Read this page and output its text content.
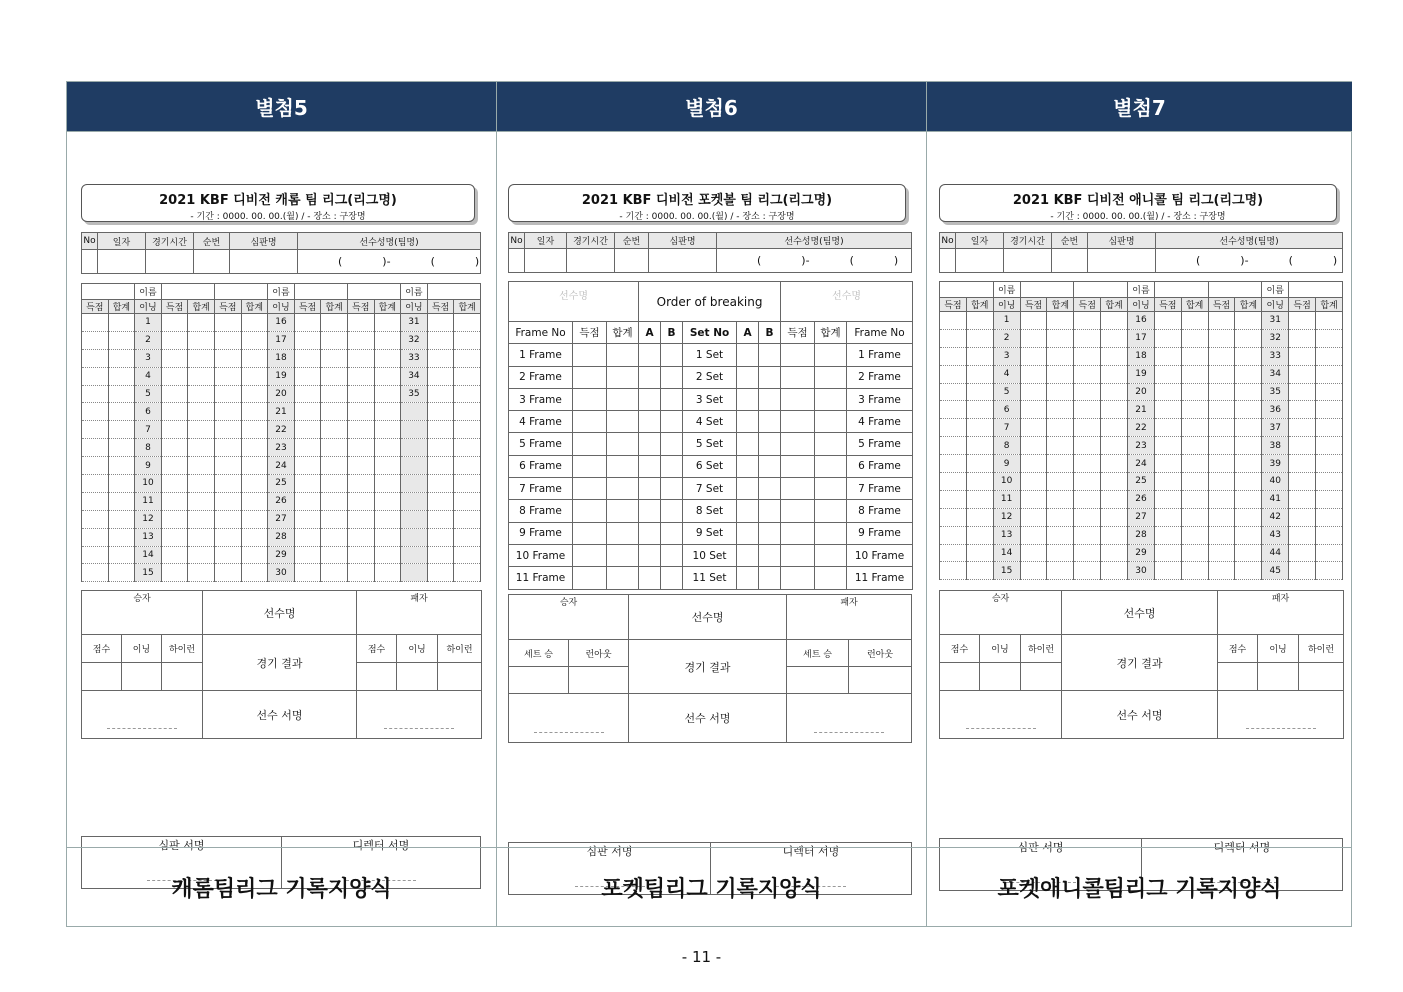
별첨5
2021 KBF 디비전 캐롬 팀 리그(리그명)
- 기간 : 0000. 00. 00.(월) / - 장소 : 구장명
No	일자	경기시간	순번	심판명	선수성명(팀명)
					( )- ( )
		이름					이름					이름		
득점	합계	이닝	득점	합계	득점	합계	이닝	득점	합계	득점	합계	이닝	득점	합계
		1					16					31		
		2					17					32		
		3					18					33		
		4					19					34		
		5					20					35		
		6					21							
		7					22							
		8					23							
		9					24							
		10					25							
		11					26							
		12					27							
		13					28							
		14					29							
		15					30							
승자			선수명	패자		

점수	이닝	하이런	경기 결과	점수	이닝	하이런

			선수 서명			
심판 서명	디렉터 서명
캐롬팀리그 기록지양식
별첨6
2021 KBF 디비전 포켓볼 팀 리그(리그명)
- 기간 : 0000. 00. 00.(월) / - 장소 : 구장명
No	일자	경기시간	순번	심판명	선수성명(팀명)
					( )- ( )
선수명			Order of breaking					선수명		
Frame No	득점	합계	A	B	Set No	A	B	득점	합계	Frame No
1 Frame					1 Set					1 Frame
2 Frame					2 Set					2 Frame
3 Frame					3 Set					3 Frame
4 Frame					4 Set					4 Frame
5 Frame					5 Set					5 Frame
6 Frame					6 Set					6 Frame
7 Frame					7 Set					7 Frame
8 Frame					8 Set					8 Frame
9 Frame					9 Set					9 Frame
10 Frame					10 Set					10 Frame
11 Frame					11 Set					11 Frame
승자		선수명	패자	

세트 승	런아웃	경기 결과	세트 승	런아웃

		선수 서명		
심판 서명	디렉터 서명
포켓팀리그 기록지양식
별첨7
2021 KBF 디비전 애니콜 팀 리그(리그명)
- 기간 : 0000. 00. 00.(월) / - 장소 : 구장명
No	일자	경기시간	순번	심판명	선수성명(팀명)
					( )- ( )
		이름					이름					이름		
득점	합계	이닝	득점	합계	득점	합계	이닝	득점	합계	득점	합계	이닝	득점	합계
		1					16					31		
		2					17					32		
		3					18					33		
		4					19					34		
		5					20					35		
		6					21					36		
		7					22					37		
		8					23					38		
		9					24					39		
		10					25					40		
		11					26					41		
		12					27					42		
		13					28					43		
		14					29					44		
		15					30					45		
승자			선수명	패자		

점수	이닝	하이런	경기 결과	점수	이닝	하이런

			선수 서명			
심판 서명	디렉터 서명
포켓애니콜팀리그 기록지양식
- 11 -
